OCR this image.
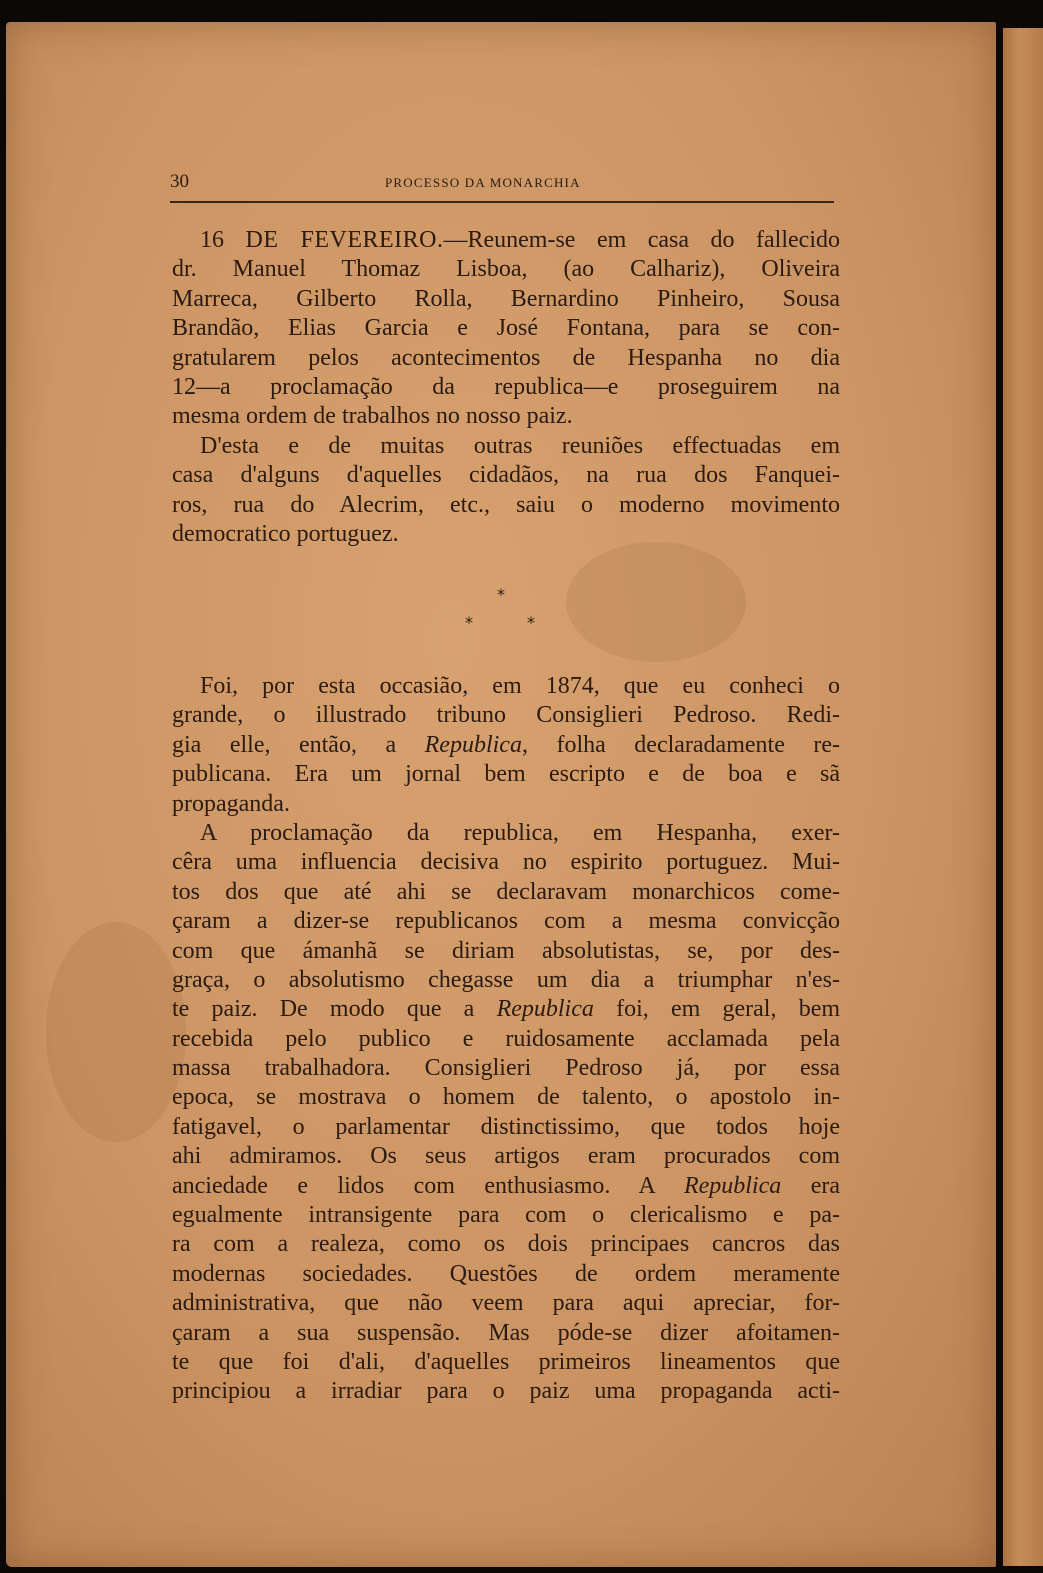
30	PROCESSO DA MONARCHIA
16 DE FEVEREIRO.—Reunem-se em casa do fallecido
dr. Manuel Thomaz Lisboa, (ao Calhariz), Oliveira
Marreca, Gilberto Rolla, Bernardino Pinheiro, Sousa
Brandão, Elias Garcia e José Fontana, para se con-
gratularem pelos acontecimentos de Hespanha no dia
12—a proclamação da republica—e proseguirem na
mesma ordem de trabalhos no nosso paiz.
D'esta e de muitas outras reuniões effectuadas em
casa d'alguns d'aquelles cidadãos, na rua dos Fanquei-
ros, rua do Alecrim, etc., saiu o moderno movimento
democratico portuguez.
*
*	*
Foi, por esta occasião, em 1874, que eu conheci o
grande, o illustrado tribuno Consiglieri Pedroso. Redi-
gia elle, então, a Republica, folha declaradamente re-
publicana. Era um jornal bem escripto e de boa e sã
propaganda.
A proclamação da republica, em Hespanha, exer-
cêra uma influencia decisiva no espirito portuguez. Mui-
tos dos que até ahi se declaravam monarchicos come-
çaram a dizer-se republicanos com a mesma convicção
com que ámanhã se diriam absolutistas, se, por des-
graça, o absolutismo chegasse um dia a triumphar n'es-
te paiz. De modo que a Republica foi, em geral, bem
recebida pelo publico e ruidosamente acclamada pela
massa trabalhadora. Consiglieri Pedroso já, por essa
epoca, se mostrava o homem de talento, o apostolo in-
fatigavel, o parlamentar distinctissimo, que todos hoje
ahi admiramos. Os seus artigos eram procurados com
anciedade e lidos com enthusiasmo. A Republica era
egualmente intransigente para com o clericalismo e pa-
ra com a realeza, como os dois principaes cancros das
modernas sociedades. Questões de ordem meramente
administrativa, que não veem para aqui apreciar, for-
çaram a sua suspensão. Mas póde-se dizer afoitamen-
te que foi d'ali, d'aquelles primeiros lineamentos que
principiou a irradiar para o paiz uma propaganda acti-
